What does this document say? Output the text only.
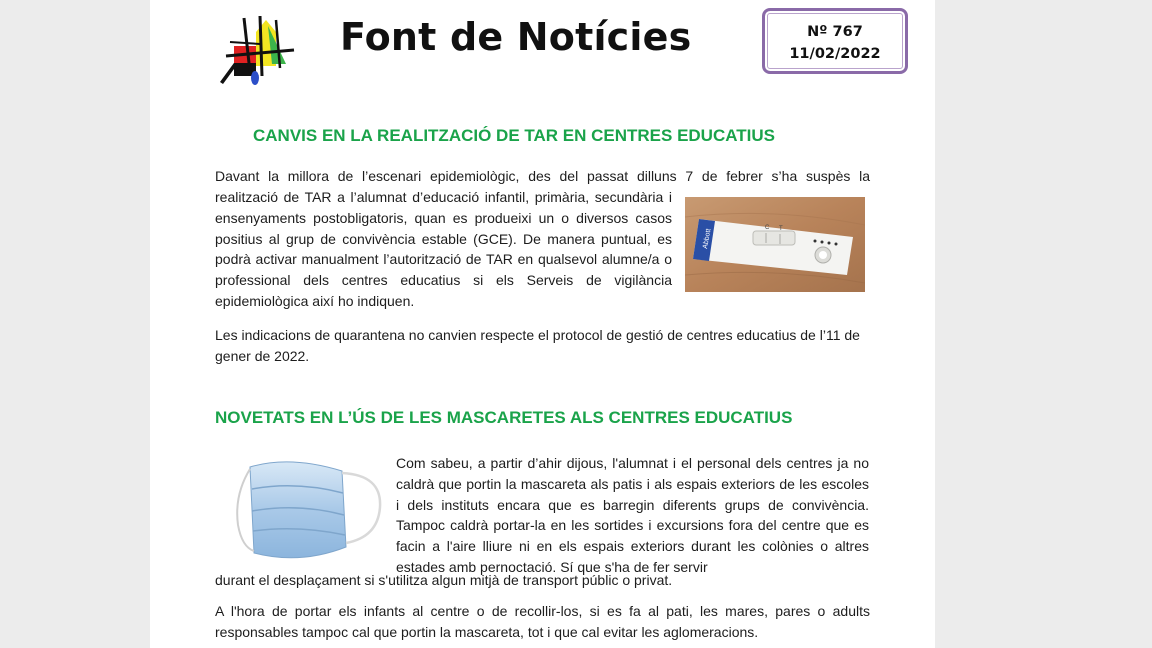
Font de Notícies	Nº 767
11/02/2022
CANVIS EN LA REALITZACIÓ DE TAR EN CENTRES EDUCATIUS

Davant la millora de l’escenari epidemiològic, des del passat dilluns 7 de febrer s’ha suspès la

realització de TAR a l’alumnat d’educació infantil, primària, secundària i ensenyaments postobligatoris, quan es produeixi un o diversos casos positius al grup de convivència estable (GCE). De manera puntual, es podrà activar manualment l’autorització de TAR en qualsevol alumne/a o professional dels centres educatius si els Serveis de vigilància epidemiològica així ho indiquen.

Abbott
C T

Les indicacions de quarantena no canvien respecte el protocol de gestió de centres educatius de l’11 de gener de 2022.

NOVETATS EN L’ÚS DE LES MASCARETES ALS CENTRES EDUCATIUS

Com sabeu, a partir d’ahir dijous, l'alumnat i el personal dels centres ja no caldrà que portin la mascareta als patis i als espais exteriors de les escoles i dels instituts encara que es barregin diferents grups de convivència. Tampoc caldrà portar-la en les sortides i excursions fora del centre que es facin a l'aire lliure ni en els espais exteriors durant les colònies o altres estades amb pernoctació. Sí que s'ha de fer servir

durant el desplaçament si s'utilitza algun mitjà de transport públic o privat.

A l'hora de portar els infants al centre o de recollir-los, si es fa al pati, les mares, pares o adults responsables tampoc cal que portin la mascareta, tot i que cal evitar les aglomeracions.
